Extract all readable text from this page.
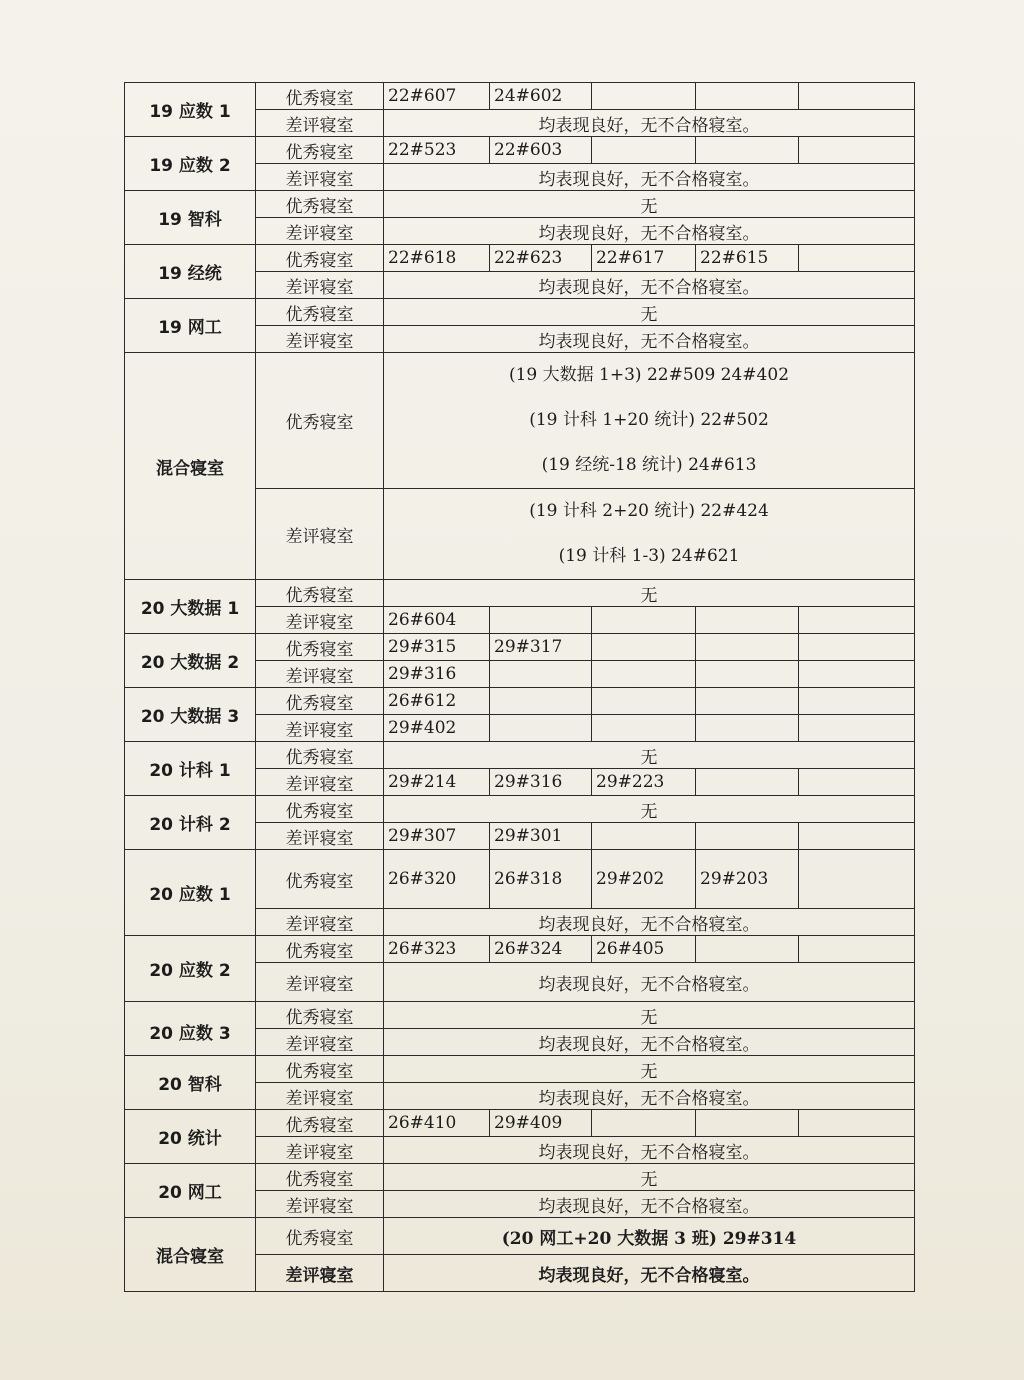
19 应数 1	优秀寝室	22#607	24#602			
	差评寝室	均表现良好，无不合格寝室。				
19 应数 2	优秀寝室	22#523	22#603			
	差评寝室	均表现良好，无不合格寝室。				
19 智科	优秀寝室	无				
	差评寝室	均表现良好，无不合格寝室。				
19 经统	优秀寝室	22#618	22#623	22#617	22#615	
	差评寝室	均表现良好，无不合格寝室。				
19 网工	优秀寝室	无				
	差评寝室	均表现良好，无不合格寝室。				
混合寝室	优秀寝室	(19 大数据 1+3) 22#509 24#402
(19 计科 1+20 统计) 22#502
(19 经统-18 统计) 24#613				

	差评寝室	(19 计科 2+20 统计) 22#424
(19 计科 1-3) 24#621				

20 大数据 1	优秀寝室	无				
	差评寝室	26#604				
20 大数据 2	优秀寝室	29#315	29#317			
	差评寝室	29#316				
20 大数据 3	优秀寝室	26#612				
	差评寝室	29#402				
20 计科 1	优秀寝室	无				
	差评寝室	29#214	29#316	29#223		
20 计科 2	优秀寝室	无				
	差评寝室	29#307	29#301			
20 应数 1	优秀寝室	26#320	26#318	29#202	29#203	
	差评寝室	均表现良好，无不合格寝室。				
20 应数 2	优秀寝室	26#323	26#324	26#405		
	差评寝室	均表现良好，无不合格寝室。				
20 应数 3	优秀寝室	无				
	差评寝室	均表现良好，无不合格寝室。				
20 智科	优秀寝室	无				
	差评寝室	均表现良好，无不合格寝室。				
20 统计	优秀寝室	26#410	29#409			
	差评寝室	均表现良好，无不合格寝室。				
20 网工	优秀寝室	无				
	差评寝室	均表现良好，无不合格寝室。				
混合寝室	优秀寝室	(20 网工+20 大数据 3 班) 29#314				
	差评寝室	均表现良好，无不合格寝室。				
